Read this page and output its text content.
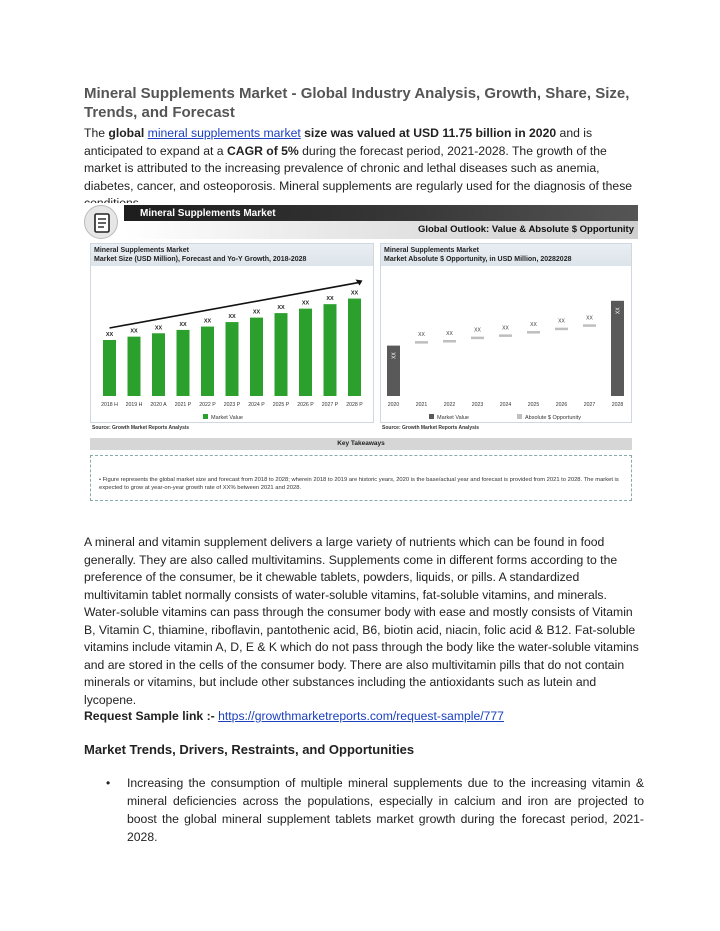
Mineral Supplements Market - Global Industry Analysis, Growth, Share, Size, Trends, and Forecast
The global mineral supplements market size was valued at USD 11.75 billion in 2020 and is anticipated to expand at a CAGR of 5% during the forecast period, 2021-2028. The growth of the market is attributed to the increasing prevalence of chronic and lethal diseases such as anemia, diabetes, cancer, and osteoporosis. Mineral supplements are regularly used for the diagnosis of these
Mineral Supplements Market
Global Outlook: Value & Absolute $ Opportunity
Mineral Supplements Market
Market Size (USD Million), Forecast and Yo-Y Growth, 2018-2028
XX
2018 H
XX
2019 H
XX
2020 A
XX
2021 P
XX
2022 P
XX
2023 P
XX
2024 P
XX
2025 P
XX
2026 P
XX
2027 P
XX
2028 P
Market Value
Mineral Supplements Market
Market Absolute $ Opportunity, in USD Million, 20282028
XX
2020
XX
2021
XX
2022
XX
2023
XX
2024
XX
2025
XX
2026
XX
2027
XX
2028
Market Value	Absolute $ Opportunity
Source: Growth Market Reports Analysis	Source: Growth Market Reports Analysis
Key Takeaways
• Figure represents the global market size and forecast from 2018 to 2028; wherein 2018 to 2019 are historic years, 2020 is the base/actual year and forecast is provided from 2021 to 2028. The market is expected to grow at year-on-year growth rate of XX% between 2021 and 2028.
A mineral and vitamin supplement delivers a large variety of nutrients which can be found in food generally. They are also called multivitamins. Supplements come in different forms according to the preference of the consumer, be it chewable tablets, powders, liquids, or pills. A standardized multivitamin tablet normally consists of water-soluble vitamins, fat-soluble vitamins, and minerals. Water-soluble vitamins can pass through the consumer body with ease and mostly consists of Vitamin B, Vitamin C, thiamine, riboflavin, pantothenic acid, B6, biotin acid, niacin, folic acid & B12. Fat-soluble vitamins include vitamin A, D, E & K which do not pass through the body like the water-soluble vitamins and are stored in the cells of the consumer body. There are also multivitamin pills that do not contain minerals or vitamins, but include other substances including the antioxidants such as lutein and lycopene.
Request Sample link :- https://growthmarketreports.com/request-sample/777
Market Trends, Drivers, Restraints, and Opportunities
• Increasing the consumption of multiple mineral supplements due to the increasing vitamin & mineral deficiencies across the populations, especially in calcium and iron are projected to boost the global mineral supplement tablets market growth during the forecast period, 2021-2028.
